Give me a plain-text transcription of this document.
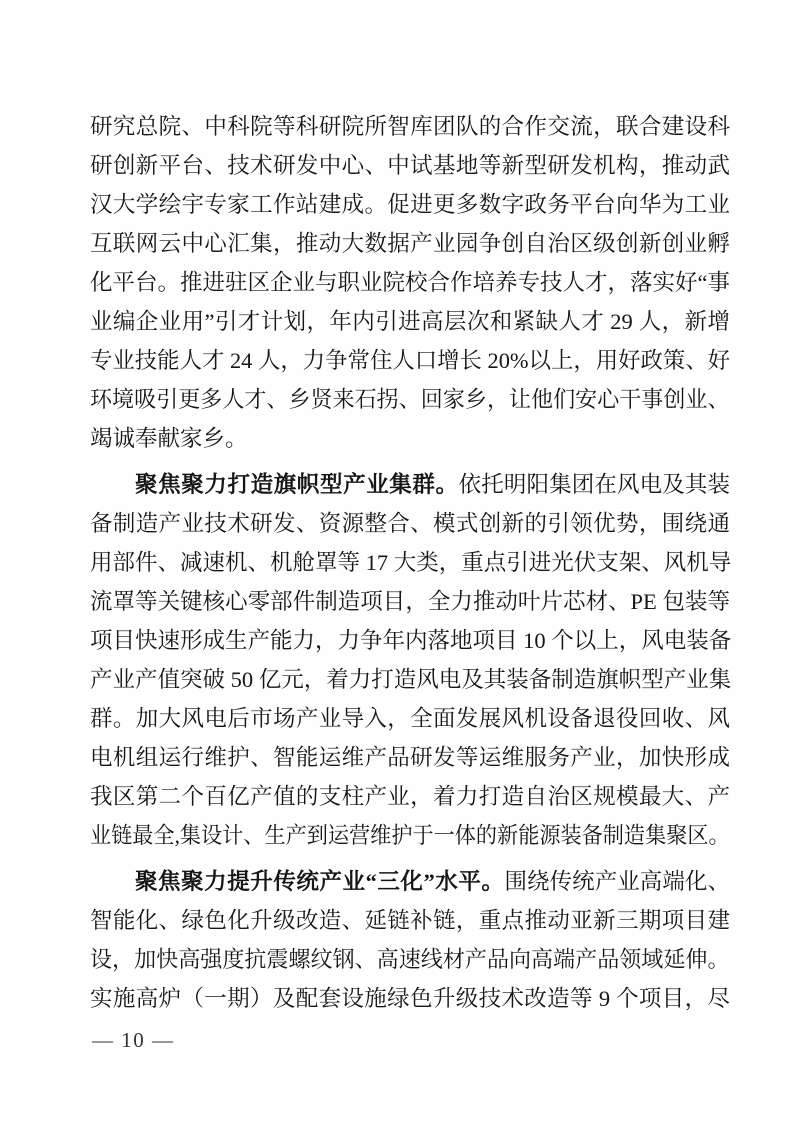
研究总院、中科院等科研院所智库团队的合作交流，联合建设科
研创新平台、技术研发中心、中试基地等新型研发机构，推动武
汉大学绘宇专家工作站建成。促进更多数字政务平台向华为工业
互联网云中心汇集，推动大数据产业园争创自治区级创新创业孵
化平台。推进驻区企业与职业院校合作培养专技人才，落实好“事
业编企业用”引才计划，年内引进高层次和紧缺人才 29 人，新增
专业技能人才 24 人，力争常住人口增长 20%以上，用好政策、好
环境吸引更多人才、乡贤来石拐、回家乡，让他们安心干事创业、
竭诚奉献家乡。
聚焦聚力打造旗帜型产业集群。依托明阳集团在风电及其装
备制造产业技术研发、资源整合、模式创新的引领优势，围绕通
用部件、减速机、机舱罩等 17 大类，重点引进光伏支架、风机导
流罩等关键核心零部件制造项目，全力推动叶片芯材、PE 包装等
项目快速形成生产能力，力争年内落地项目 10 个以上，风电装备
产业产值突破 50 亿元，着力打造风电及其装备制造旗帜型产业集
群。加大风电后市场产业导入，全面发展风机设备退役回收、风
电机组运行维护、智能运维产品研发等运维服务产业，加快形成
我区第二个百亿产值的支柱产业，着力打造自治区规模最大、产
业链最全,集设计、生产到运营维护于一体的新能源装备制造集聚区。
聚焦聚力提升传统产业“三化”水平。围绕传统产业高端化、
智能化、绿色化升级改造、延链补链，重点推动亚新三期项目建
设，加快高强度抗震螺纹钢、高速线材产品向高端产品领域延伸。
实施高炉（一期）及配套设施绿色升级技术改造等 9 个项目，尽
— 10 —
